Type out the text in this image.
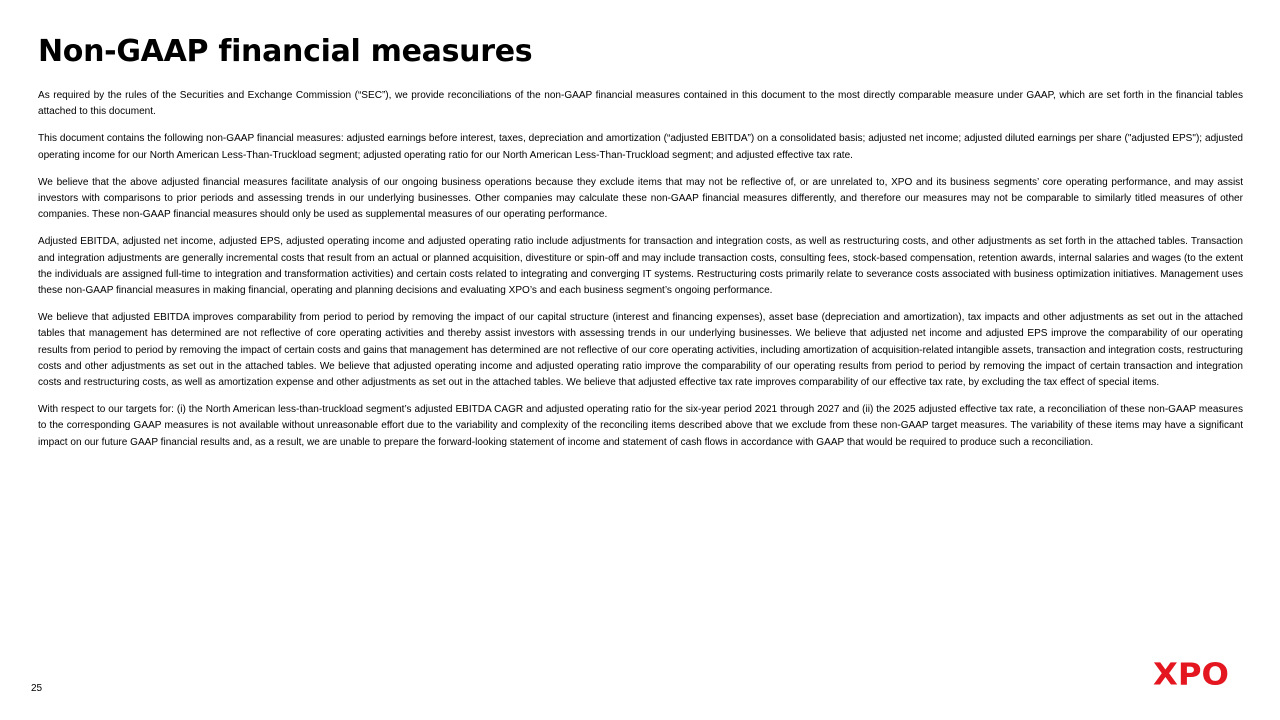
Non-GAAP financial measures

As required by the rules of the Securities and Exchange Commission (“SEC”), we provide reconciliations of the non-GAAP financial measures contained in this document to the most directly comparable measure under GAAP, which are set forth in the financial tables attached to this document.

This document contains the following non-GAAP financial measures: adjusted earnings before interest, taxes, depreciation and amortization (“adjusted EBITDA”) on a consolidated basis; adjusted net income; adjusted diluted earnings per share ("adjusted EPS"); adjusted operating income for our North American Less-Than-Truckload segment; adjusted operating ratio for our North American Less-Than-Truckload segment; and adjusted effective tax rate.

We believe that the above adjusted financial measures facilitate analysis of our ongoing business operations because they exclude items that may not be reflective of, or are unrelated to, XPO and its business segments’ core operating performance, and may assist investors with comparisons to prior periods and assessing trends in our underlying businesses. Other companies may calculate these non-GAAP financial measures differently, and therefore our measures may not be comparable to similarly titled measures of other companies. These non-GAAP financial measures should only be used as supplemental measures of our operating performance.

Adjusted EBITDA, adjusted net income, adjusted EPS, adjusted operating income and adjusted operating ratio include adjustments for transaction and integration costs, as well as restructuring costs, and other adjustments as set forth in the attached tables. Transaction and integration adjustments are generally incremental costs that result from an actual or planned acquisition, divestiture or spin-off and may include transaction costs, consulting fees, stock-based compensation, retention awards, internal salaries and wages (to the extent the individuals are assigned full-time to integration and transformation activities) and certain costs related to integrating and converging IT systems. Restructuring costs primarily relate to severance costs associated with business optimization initiatives. Management uses these non-GAAP financial measures in making financial, operating and planning decisions and evaluating XPO’s and each business segment’s ongoing performance.

We believe that adjusted EBITDA improves comparability from period to period by removing the impact of our capital structure (interest and financing expenses), asset base (depreciation and amortization), tax impacts and other adjustments as set out in the attached tables that management has determined are not reflective of core operating activities and thereby assist investors with assessing trends in our underlying businesses. We believe that adjusted net income and adjusted EPS improve the comparability of our operating results from period to period by removing the impact of certain costs and gains that management has determined are not reflective of our core operating activities, including amortization of acquisition-related intangible assets, transaction and integration costs, restructuring costs and other adjustments as set out in the attached tables. We believe that adjusted operating income and adjusted operating ratio improve the comparability of our operating results from period to period by removing the impact of certain transaction and integration costs and restructuring costs, as well as amortization expense and other adjustments as set out in the attached tables. We believe that adjusted effective tax rate improves comparability of our effective tax rate, by excluding the tax effect of special items.

With respect to our targets for: (i) the North American less-than-truckload segment’s adjusted EBITDA CAGR and adjusted operating ratio for the six-year period 2021 through 2027 and (ii) the 2025 adjusted effective tax rate, a reconciliation of these non-GAAP measures to the corresponding GAAP measures is not available without unreasonable effort due to the variability and complexity of the reconciling items described above that we exclude from these non-GAAP target measures. The variability of these items may have a significant impact on our future GAAP financial results and, as a result, we are unable to prepare the forward-looking statement of income and statement of cash flows in accordance with GAAP that would be required to produce such a reconciliation.

25	XPO
